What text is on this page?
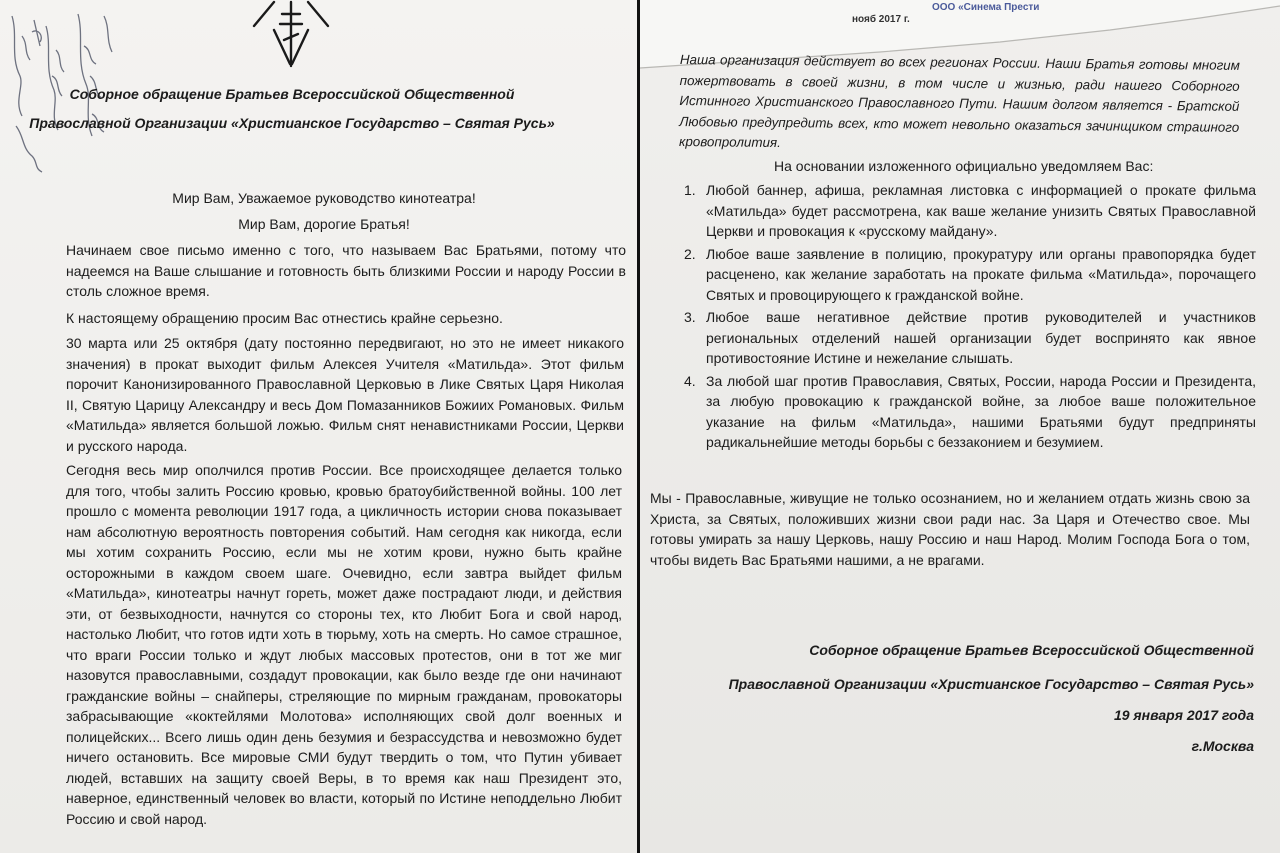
Соборное обращение Братьев Всероссийской Общественной
Православной Организации «Христианское Государство – Святая Русь»
Мир Вам, Уважаемое руководство кинотеатра!
Мир Вам, дорогие Братья!
Начинаем свое письмо именно с того, что называем Вас Братьями, потому что надеемся на Ваше слышание и готовность быть близкими России и народу России в столь сложное время.
К настоящему обращению просим Вас отнестись крайне серьезно.
30 марта или 25 октября (дату постоянно передвигают, но это не имеет никакого значения) в прокат выходит фильм Алексея Учителя «Матильда». Этот фильм порочит Канонизированного Православной Церковью в Лике Святых Царя Николая II, Святую Царицу Александру и весь Дом Помазанников Божиих Романовых. Фильм «Матильда» является большой ложью. Фильм снят ненавистниками России, Церкви и русского народа.
Сегодня весь мир ополчился против России. Все происходящее делается только для того, чтобы залить Россию кровью, кровью братоубийственной войны. 100 лет прошло с момента революции 1917 года, а цикличность истории снова показывает нам абсолютную вероятность повторения событий. Нам сегодня как никогда, если мы хотим сохранить Россию, если мы не хотим крови, нужно быть крайне осторожными в каждом своем шаге. Очевидно, если завтра выйдет фильм «Матильда», кинотеатры начнут гореть, может даже пострадают люди, и действия эти, от безвыходности, начнутся со стороны тех, кто Любит Бога и свой народ, настолько Любит, что готов идти хоть в тюрьму, хоть на смерть. Но самое страшное, что враги России только и ждут любых массовых протестов, они в тот же миг назовутся православными, создадут провокации, как было везде где они начинают гражданские войны – снайперы, стреляющие по мирным гражданам, провокаторы забрасывающие «коктейлями Молотова» исполняющих свой долг военных и полицейских... Всего лишь один день безумия и безрассудства и невозможно будет ничего остановить. Все мировые СМИ будут твердить о том, что Путин убивает людей, вставших на защиту своей Веры, в то время как наш Президент это, наверное, единственный человек во власти, который по Истине неподдельно Любит Россию и свой народ.
ООО «Синема Прести
нояб 2017 г.
Наша организация действует во всех регионах России. Наши Братья готовы многим пожертвовать в своей жизни, в том числе и жизнью, ради нашего Соборного Истинного Христианского Православного Пути. Нашим долгом является - Братской Любовью предупредить всех, кто может невольно оказаться зачинщиком страшного кровопролития.
На основании изложенного официально уведомляем Вас:
1. Любой баннер, афиша, рекламная листовка с информацией о прокате фильма «Матильда» будет рассмотрена, как ваше желание унизить Святых Православной Церкви и провокация к «русскому майдану».
2. Любое ваше заявление в полицию, прокуратуру или органы правопорядка будет расценено, как желание заработать на прокате фильма «Матильда», порочащего Святых и провоцирующего к гражданской войне.
3. Любое ваше негативное действие против руководителей и участников региональных отделений нашей организации будет воспринято как явное противостояние Истине и нежелание слышать.
4. За любой шаг против Православия, Святых, России, народа России и Президента, за любую провокацию к гражданской войне, за любое ваше положительное указание на фильм «Матильда», нашими Братьями будут предприняты радикальнейшие методы борьбы с беззаконием и безумием.
Мы - Православные, живущие не только осознанием, но и желанием отдать жизнь свою за Христа, за Святых, положивших жизни свои ради нас. За Царя и Отечество свое. Мы готовы умирать за нашу Церковь, нашу Россию и наш Народ. Молим Господа Бога о том, чтобы видеть Вас Братьями нашими, а не врагами.
Соборное обращение Братьев Всероссийской Общественной
Православной Организации «Христианское Государство – Святая Русь»
19 января 2017 года
г.Москва
